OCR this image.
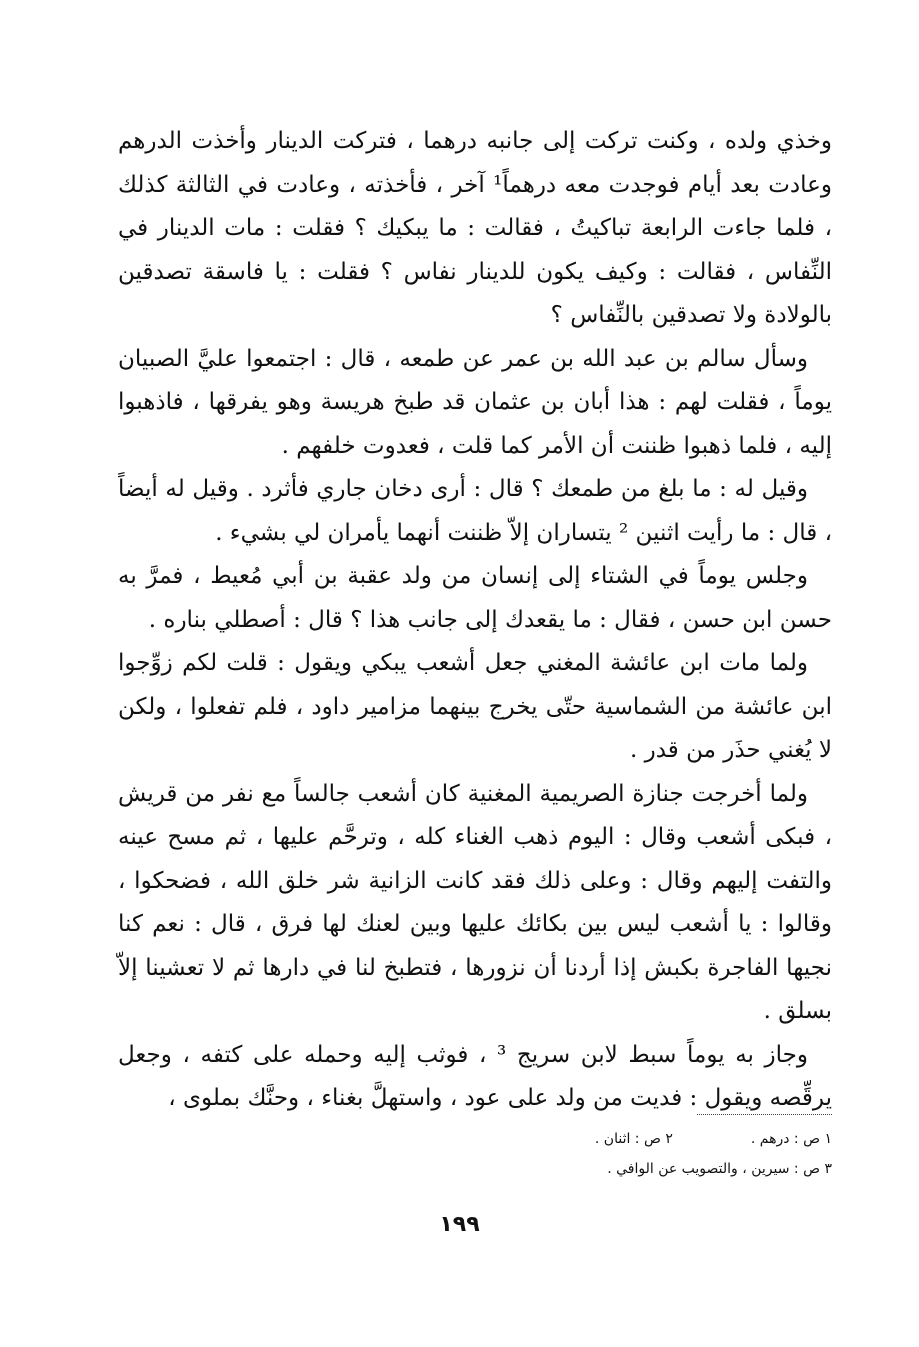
وخذي ولده ، وكنت تركت إلى جانبه درهما ، فتركت الدينار وأخذت الدرهم وعادت بعد أيام فوجدت معه درهماً¹ آخر ، فأخذته ، وعادت في الثالثة كذلك ، فلما جاءت الرابعة تباكيتُ ، فقالت : ما يبكيك ؟ فقلت : مات الدينار في النِّفاس ، فقالت : وكيف يكون للدينار نفاس ؟ فقلت : يا فاسقة تصدقين بالولادة ولا تصدقين بالنِّفاس ؟

وسأل سالم بن عبد الله بن عمر عن طمعه ، قال : اجتمعوا عليَّ الصبيان يوماً ، فقلت لهم : هذا أبان بن عثمان قد طبخ هريسة وهو يفرقها ، فاذهبوا إليه ، فلما ذهبوا ظننت أن الأمر كما قلت ، فعدوت خلفهم .

وقيل له : ما بلغ من طمعك ؟ قال : أرى دخان جاري فأثرد . وقيل له أيضاً ، قال : ما رأيت اثنين ² يتساران إلاّ ظننت أنهما يأمران لي بشيء .

وجلس يوماً في الشتاء إلى إنسان من ولد عقبة بن أبي مُعيط ، فمرَّ به حسن ابن حسن ، فقال : ما يقعدك إلى جانب هذا ؟ قال : أصطلي بناره .

ولما مات ابن عائشة المغني جعل أشعب يبكي ويقول : قلت لكم زوِّجوا ابن عائشة من الشماسية حتّى يخرج بينهما مزامير داود ، فلم تفعلوا ، ولكن لا يُغني حذَر من قدر .

ولما أخرجت جنازة الصريمية المغنية كان أشعب جالساً مع نفر من قريش ، فبكى أشعب وقال : اليوم ذهب الغناء كله ، وترحَّم عليها ، ثم مسح عينه والتفت إليهم وقال : وعلى ذلك فقد كانت الزانية شر خلق الله ، فضحكوا ، وقالوا : يا أشعب ليس بين بكائك عليها وبين لعنك لها فرق ، قال : نعم كنا نجيها الفاجرة بكبش إذا أردنا أن نزورها ، فتطبخ لنا في دارها ثم لا تعشينا إلاّ بسلق .

وجاز به يوماً سبط لابن سريج ³ ، فوثب إليه وحمله على كتفه ، وجعل يرقِّصه ويقول : فديت من ولد على عود ، واستهلَّ بغناء ، وحنَّك بملوى ،

١ ص : درهم .٢ ص : اثنان .
٣ ص : سيرين ، والتصويب عن الوافي .
١٩٩
